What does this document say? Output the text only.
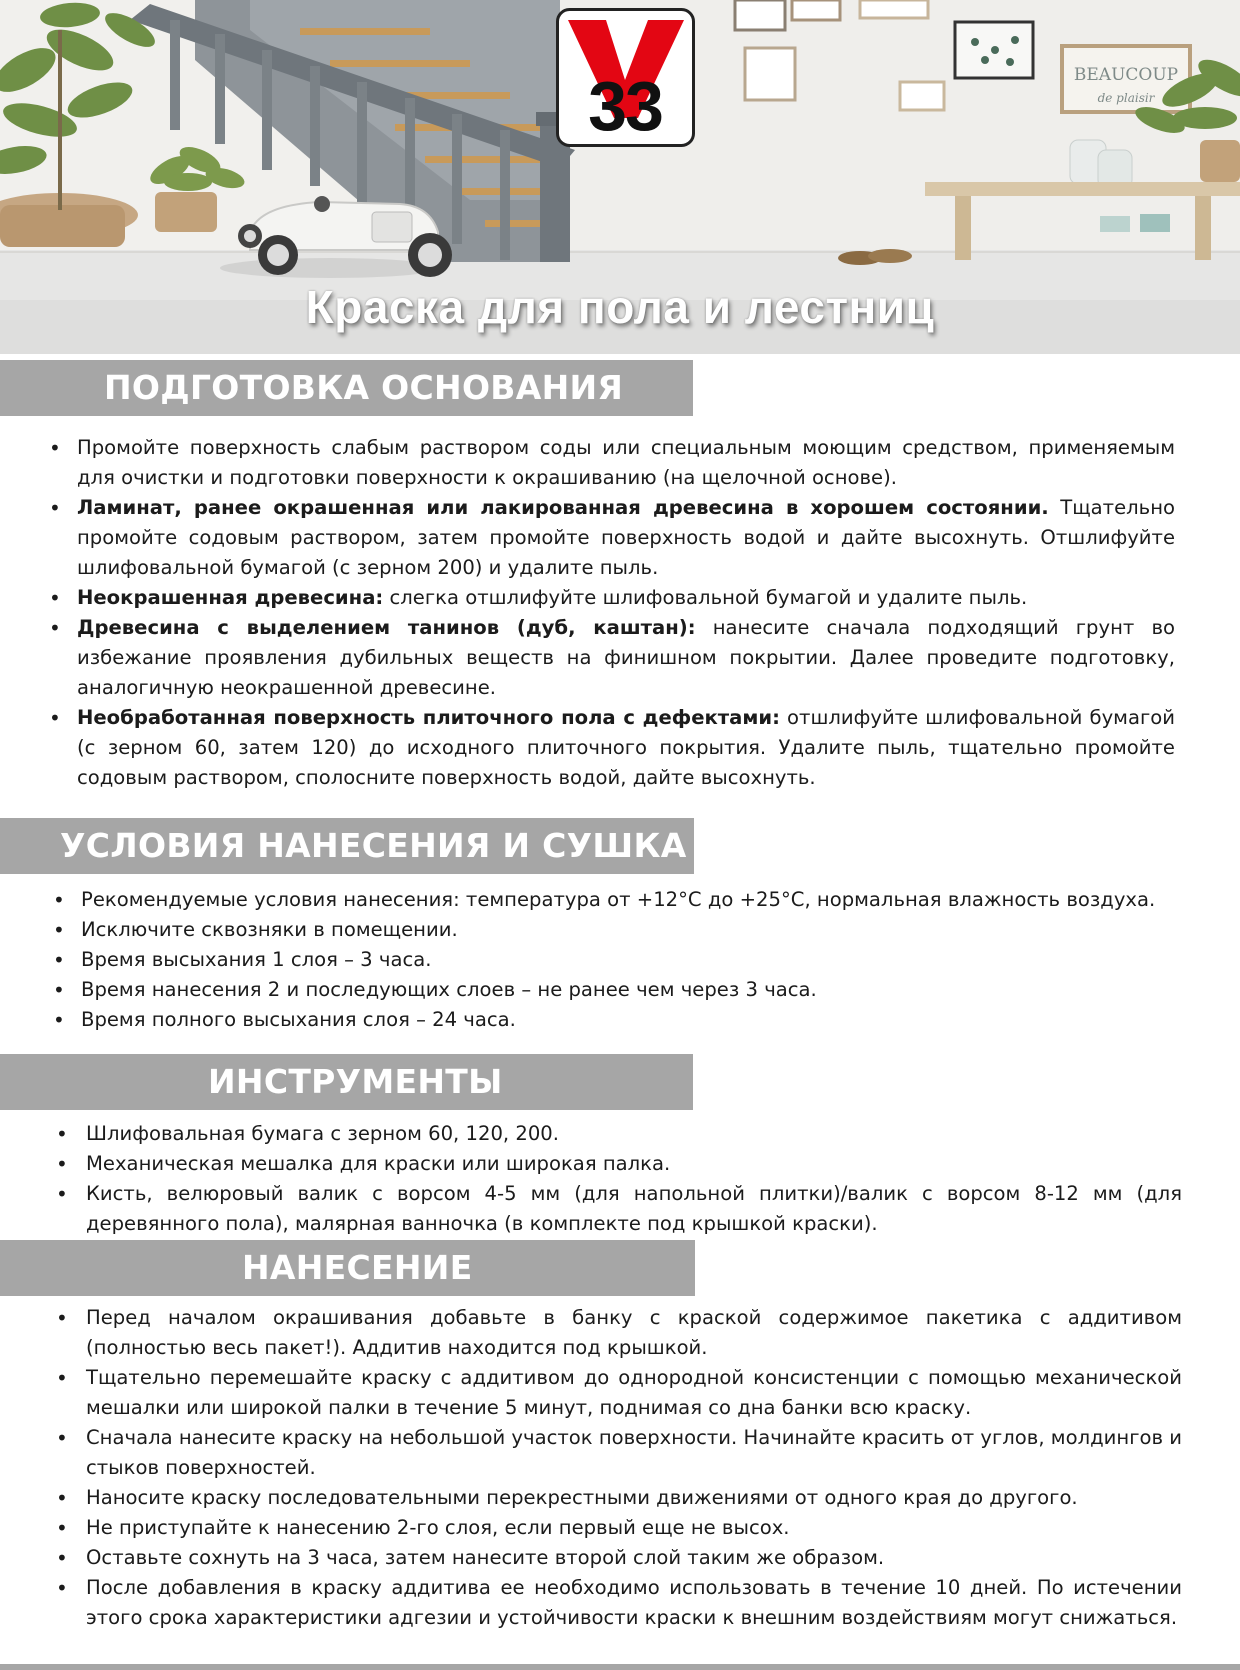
BEAUCOUP
de plaisir
33
Краска для пола и лестниц
ПОДГОТОВКА ОСНОВАНИЯ
• Промойте поверхность слабым раствором соды или специальным моющим средством, применяемым для очистки и подготовки поверхности к окрашиванию (на щелочной основе).
• Ламинат, ранее окрашенная или лакированная древесина в хорошем состоянии. Тщательно промойте содовым раствором, затем промойте поверхность водой и дайте высохнуть. Отшлифуйте шлифовальной бумагой (с зерном 200) и удалите пыль.
• Неокрашенная древесина: слегка отшлифуйте шлифовальной бумагой и удалите пыль.
• Древесина с выделением танинов (дуб, каштан): нанесите сначала подходящий грунт во избежание проявления дубильных веществ на финишном покрытии. Далее проведите подготовку, аналогичную неокрашенной древесине.
• Необработанная поверхность плиточного пола с дефектами: отшлифуйте шлифовальной бумагой (с зерном 60, затем 120) до исходного плиточного покрытия. Удалите пыль, тщательно промойте содовым раствором, сполосните поверхность водой, дайте высохнуть.
УСЛОВИЯ НАНЕСЕНИЯ И СУШКА
• Рекомендуемые условия нанесения: температура от +12°С до +25°С, нормальная влажность воздуха.
• Исключите сквозняки в помещении.
• Время высыхания 1 слоя – 3 часа.
• Время нанесения 2 и последующих слоев – не ранее чем через 3 часа.
• Время полного высыхания слоя – 24 часа.
ИНСТРУМЕНТЫ
• Шлифовальная бумага с зерном 60, 120, 200.
• Механическая мешалка для краски или широкая палка.
• Кисть, велюровый валик с ворсом 4-5 мм (для напольной плитки)/валик с ворсом 8-12 мм (для деревянного пола), малярная ванночка (в комплекте под крышкой краски).
НАНЕСЕНИЕ
• Перед началом окрашивания добавьте в банку с краской содержимое пакетика с аддитивом (полностью весь пакет!). Аддитив находится под крышкой.
• Тщательно перемешайте краску с аддитивом до однородной консистенции с помощью механической мешалки или широкой палки в течение 5 минут, поднимая со дна банки всю краску.
• Сначала нанесите краску на небольшой участок поверхности. Начинайте красить от углов, молдингов и стыков поверхностей.
• Наносите краску последовательными перекрестными движениями от одного края до другого.
• Не приступайте к нанесению 2-го слоя, если первый еще не высох.
• Оставьте сохнуть на 3 часа, затем нанесите второй слой таким же образом.
• После добавления в краску аддитива ее необходимо использовать в течение 10 дней. По истечении этого срока характеристики адгезии и устойчивости краски к внешним воздействиям могут снижаться.
